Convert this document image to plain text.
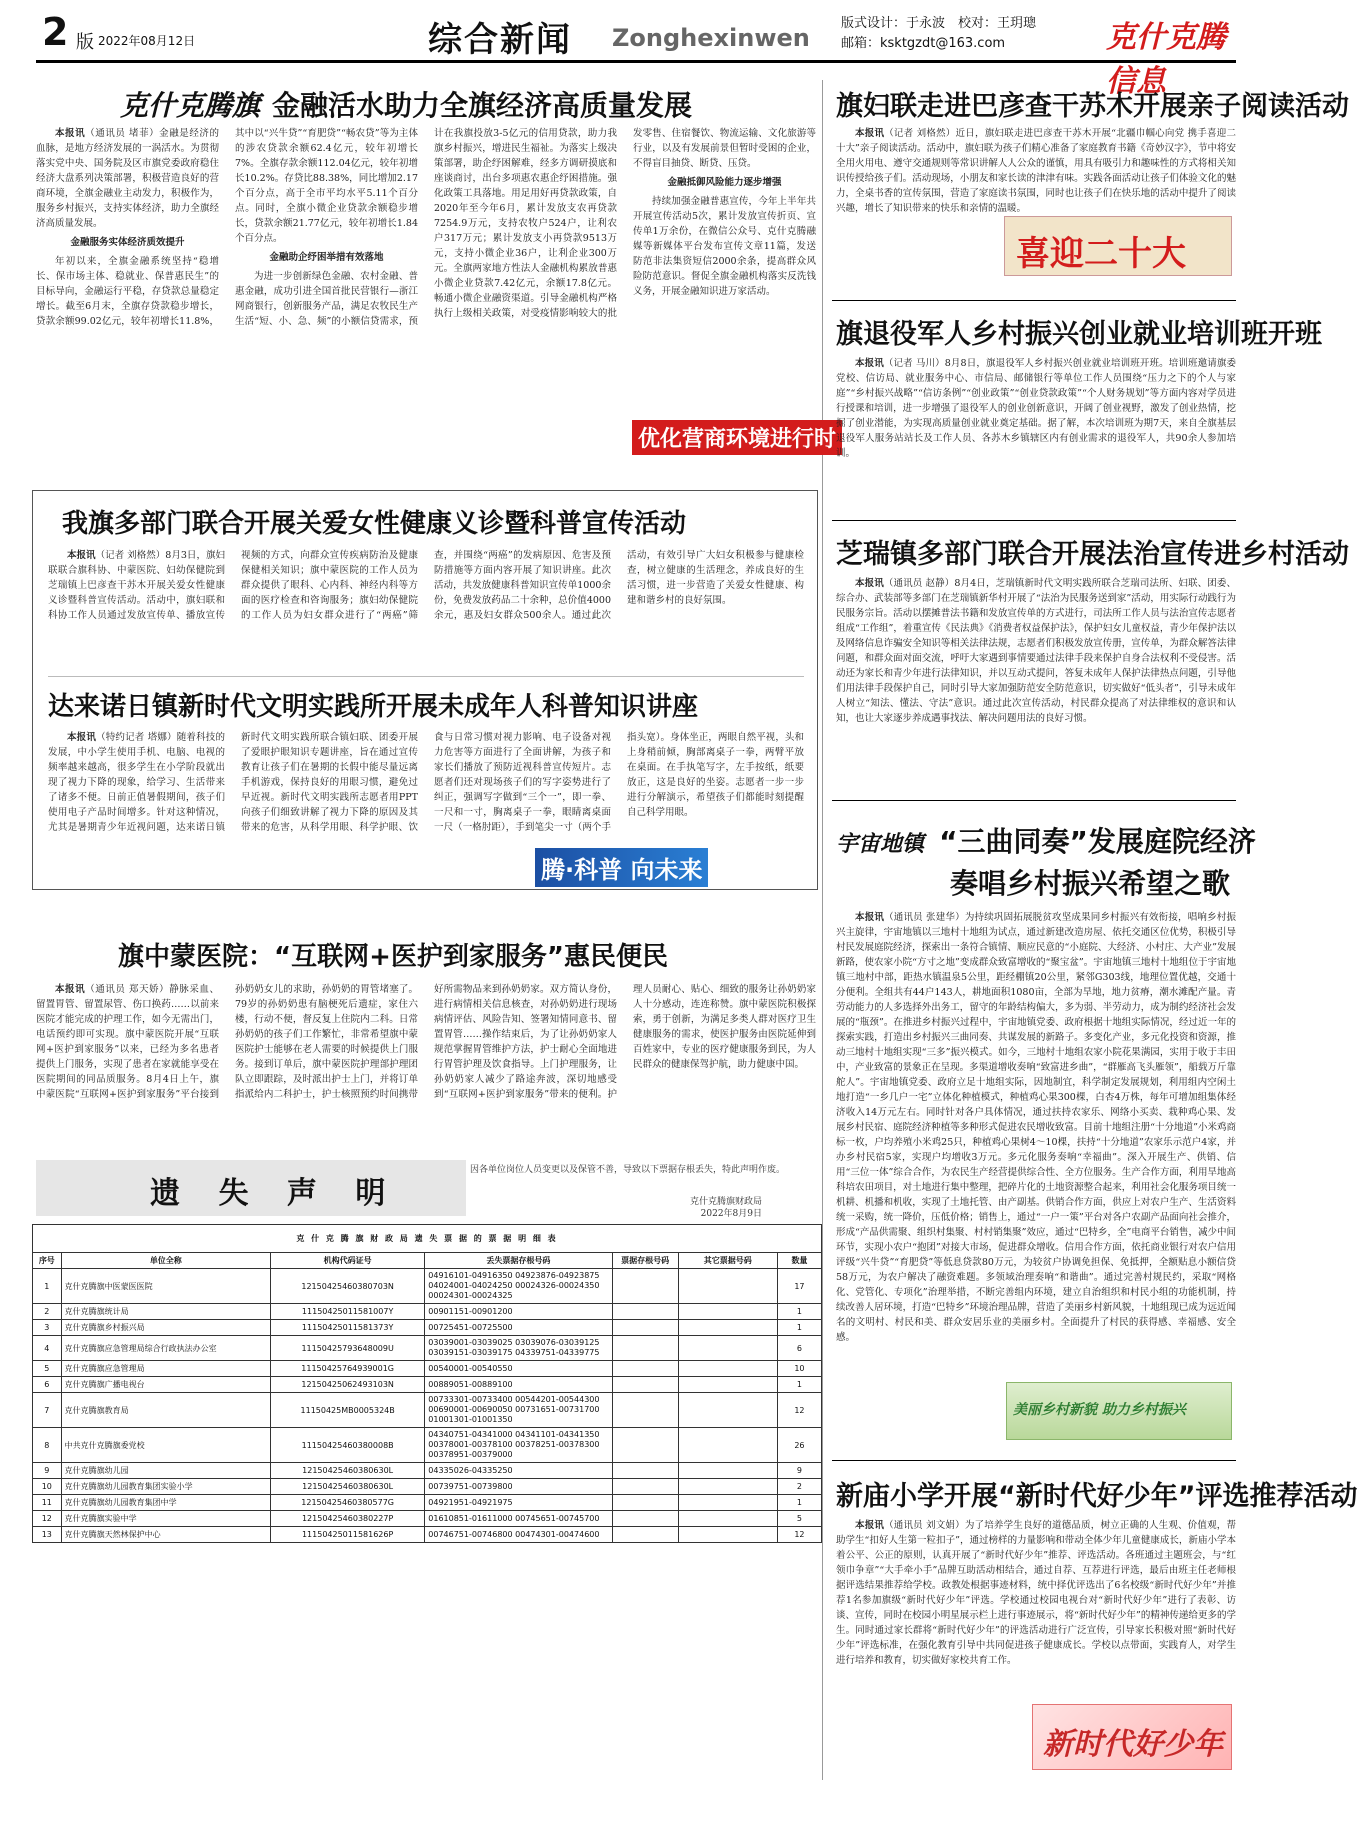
2 版 2022年08月12日	综合新闻 Zonghexinwen
版式设计：于永波　校对：王玥璁
邮箱：ksktgzdt@163.com	克什克腾信息
克什克腾旗 金融活水助力全旗经济高质量发展

本报讯（通讯员 堵菲）金融是经济的血脉，是地方经济发展的一涡活水。为贯彻落实党中央、国务院及区市旗党委政府稳住经济大盘系列决策部署，积极营造良好的营商环境，全旗金融业主动发力，积极作为，服务乡村振兴，支持实体经济，助力全旗经济高质量发展。

金融服务实体经济质效提升

年初以来，全旗金融系统坚持“稳增长、保市场主体、稳就业、保普惠民生”的目标导向，金融运行平稳，存贷款总量稳定增长。截至6月末，全旗存贷款稳步增长，贷款余额99.02亿元，较年初增长11.8%，其中以“兴牛贷”“育肥贷”“畅农贷”等为主体的涉农贷款余额62.4亿元，较年初增长7%。全旗存款余额112.04亿元，较年初增长10.2%。存贷比88.38%，同比增加2.17个百分点，高于全市平均水平5.11个百分点。同时，全旗小微企业贷款余额稳步增长，贷款余额21.77亿元，较年初增长1.84个百分点。

金融助企纾困举措有效落地

为进一步创新绿色金融、农村金融、普惠金融，成功引进全国首批民营银行—浙江网商银行，创新服务产品，满足农牧民生产生活“短、小、急、频”的小额信贷需求，预计在我旗投放3-5亿元的信用贷款，助力我旗乡村振兴，增进民生福祉。为落实上级决策部署，助企纾困解难，经多方调研摸底和座谈商讨，出台多项惠农惠企纾困措施。强化政策工具落地。用足用好再贷款政策，自2020年至今年6月，累计发放支农再贷款7254.9万元，支持农牧户524户，让利农户317万元；累计发放支小再贷款9513万元，支持小微企业36户，让利企业300万元。全旗两家地方性法人金融机构累放普惠小微企业贷款7.42亿元，余额17.8亿元。畅通小微企业融资渠道。引导金融机构严格执行上级相关政策，对受疫情影响较大的批发零售、住宿餐饮、物流运输、文化旅游等行业，以及有发展前景但暂时受困的企业，不得盲目抽贷、断贷、压贷。

金融抵御风险能力逐步增强

持续加强金融普惠宣传，今年上半年共开展宣传活动5次，累计发放宣传折页、宣传单1万余份，在微信公众号、克什克腾融媒等新媒体平台发布宣传文章11篇，发送防范非法集资短信2000余条，提高群众风险防范意识。督促全旗金融机构落实反洗钱义务，开展金融知识进万家活动。

优化营商环境进行时
我旗多部门联合开展关爱女性健康义诊暨科普宣传活动

本报讯（记者 刘格然）8月3日，旗妇联联合旗科协、中蒙医院、妇幼保健院到芝瑞镇上巴彦查干苏木开展关爱女性健康义诊暨科普宣传活动。活动中，旗妇联和科协工作人员通过发放宣传单、播放宣传视频的方式，向群众宣传疾病防治及健康保健相关知识；旗中蒙医院的工作人员为群众提供了眼科、心内科、神经内科等方面的医疗检查和咨询服务；旗妇幼保健院的工作人员为妇女群众进行了“两癌”筛查，并围绕“两癌”的发病原因、危害及预防措施等方面内容开展了知识讲座。此次活动，共发放健康科普知识宣传单1000余份，免费发放药品二十余种，总价值4000余元，惠及妇女群众500余人。通过此次活动，有效引导广大妇女积极参与健康检查，树立健康的生活理念，养成良好的生活习惯，进一步营造了关爱女性健康、构建和谐乡村的良好氛围。

达来诺日镇新时代文明实践所开展未成年人科普知识讲座

本报讯（特约记者 塔娜）随着科技的发展，中小学生使用手机、电脑、电视的频率越来越高，很多学生在小学阶段就出现了视力下降的现象，给学习、生活带来了诸多不便。日前正值暑假期间，孩子们使用电子产品时间增多。针对这种情况，尤其是暑期青少年近视问题，达来诺日镇新时代文明实践所联合镇妇联、团委开展了爱眼护眼知识专题讲座，旨在通过宣传教育让孩子们在暑期的长假中能尽量远离手机游戏，保持良好的用眼习惯，避免过早近视。新时代文明实践所志愿者用PPT向孩子们细致讲解了视力下降的原因及其带来的危害，从科学用眼、科学护眼、饮食与日常习惯对视力影响、电子设备对视力危害等方面进行了全面讲解，为孩子和家长们播放了预防近视科普宣传短片。志愿者们还对现场孩子们的写字姿势进行了纠正，强调写字做到“三个一”，即一拳、一尺和一寸，胸离桌子一拳，眼睛离桌面一尺（一格肘距），手到笔尖一寸（两个手指头宽）。身体坐正，两眼自然平视，头和上身稍前倾，胸部离桌子一拳，两臂平放在桌面。在手执笔写字，左手按纸，纸要放正，这是良好的坐姿。志愿者一步一步进行分解演示，希望孩子们都能时刻提醒自己科学用眼。

腾·科普 向未来
旗中蒙医院：“互联网+医护到家服务”惠民便民

本报讯（通讯员 郑天娇）静脉采血、留置胃管、留置尿管、伤口换药……以前来医院才能完成的护理工作，如今无需出门，电话预约即可实现。旗中蒙医院开展“互联网+医护到家服务”以来，已经为多名患者提供上门服务，实现了患者在家就能享受在医院期间的同品质服务。8月4日上午，旗中蒙医院“互联网+医护到家服务”平台接到孙奶奶女儿的求助，孙奶奶的胃管堵塞了。79岁的孙奶奶患有脑梗死后遗症，家住六楼，行动不便，督反复上住院内二科。日常孙奶奶的孩子们工作繁忙，非常希望旗中蒙医院护士能够在老人需要的时候提供上门服务。接到订单后，旗中蒙医院护理部护理团队立即跟踪，及时派出护士上门，并将订单指派给内二科护士，护士核照预约时间携带好所需物品来到孙奶奶家。双方简认身份，进行病情相关信息核查，对孙奶奶进行现场病情评估、风险告知、签署知情同意书、留置胃管……操作结束后，为了让孙奶奶家人规范掌握胃管维护方法，护士耐心全面地进行胃管护理及饮食指导。上门护理服务，让孙奶奶家人减少了路途奔波，深切地感受到“互联网+医护到家服务”带来的便利。护理人员耐心、贴心、细致的服务让孙奶奶家人十分感动，连连称赞。旗中蒙医院积极探索，勇于创新，为满足多类人群对医疗卫生健康服务的需求，使医护服务由医院延伸到百姓家中，专业的医疗健康服务到民，为人民群众的健康保驾护航，助力健康中国。

遗 失 声 明
因各单位岗位人员变更以及保管不善，导致以下票据存根丢失，特此声明作废。
克什克腾旗财政局
2022年8月9日
克 什 克 腾 旗 财 政 局 遗 失 票 据 的 票 据 明 细 表						
序号	单位全称	机构代码证号	丢失票据存根号码	票据存根号码	其它票据号码	数量
1	克什克腾旗中医蒙医医院	12150425460380703N	04916101-04916350 04923876-04923875 04024001-04024250 00024326-00024350 00024301-00024325			17
2	克什克腾旗统计局	11150425011581007Y	00901151-00901200			1
3	克什克腾旗乡村振兴局	11150425011581373Y	00725451-00725500			1
4	克什克腾旗应急管理局综合行政执法办公室	11150425793648009U	03039001-03039025 03039076-03039125 03039151-03039175 04339751-04339775			6
5	克什克腾旗应急管理局	11150425764939001G	00540001-00540550			10
6	克什克腾旗广播电视台	12150425062493103N	00889051-00889100			1
7	克什克腾旗教育局	11150425MB0005324B	00733301-00733400 00544201-00544300 00690001-00690050 00731651-00731700 01001301-01001350			12
8	中共克什克腾旗委党校	11150425460380008B	04340751-04341000 04341101-04341350 00378001-00378100 00378251-00378300 00378951-00379000			26
9	克什克腾旗幼儿园	12150425460380630L	04335026-04335250			9
10	克什克腾旗幼儿园教育集团实验小学	12150425460380630L	00739751-00739800			2
11	克什克腾旗幼儿园教育集团中学	12150425460380577G	04921951-04921975			1
12	克什克腾旗实验中学	12150425460380227P	01610851-01611000 00745651-00745700			5
13	克什克腾旗天然林保护中心	11150425011581626P	00746751-00746800 00474301-00474600			12
旗妇联走进巴彦查干苏木开展亲子阅读活动

本报讯（记者 刘格然）近日，旗妇联走进巴彦查干苏木开展“北疆巾帼心向党 携手喜迎二十大”亲子阅读活动。活动中，旗妇联为孩子们精心准备了家庭教育书籍《奇妙汉字》，节中将安全用火用电、遵守交通规则等常识讲解人人公众的谨慎，用具有吸引力和趣味性的方式将相关知识传授给孩子们。活动现场，小朋友和家长读的津津有味。实践各面活动让孩子们体验文化的魅力，全桌书香的宣传氛围，营造了家庭读书氛围，同时也让孩子们在快乐地的活动中提升了阅读兴趣，增长了知识带来的快乐和亲情的温暖。

喜迎二十大
旗退役军人乡村振兴创业就业培训班开班

本报讯（记者 马川）8月8日，旗退役军人乡村振兴创业就业培训班开班。培训班邀请旗委党校、信访局、就业服务中心、市信局、邮储银行等单位工作人员围绕“压力之下的个人与家庭”“乡村振兴战略”“信访条例”“创业政策”“创业贷款政策”“个人财务规划”等方面内容对学员进行授课和培训，进一步增强了退役军人的创业创新意识，开阔了创业视野，激发了创业热情，挖掘了创业潜能，为实现高质量创业就业奠定基础。据了解，本次培训班为期7天，来自全旗基层退役军人服务站站长及工作人员、各苏木乡镇辖区内有创业需求的退役军人，共90余人参加培训。

芝瑞镇多部门联合开展法治宣传进乡村活动

本报讯（通讯员 赵静）8月4日，芝瑞镇新时代文明实践所联合芝瑞司法所、妇联、团委、综合办、武装部等多部门在芝瑞镇新华村开展了“法治为民服务送到家”活动，用实际行动践行为民服务宗旨。活动以摆摊普法书籍和发放宣传单的方式进行，司法所工作人员与法治宣传志愿者组成“工作组”，着重宣传《民法典》《消费者权益保护法》，保护妇女儿童权益，青少年保护法以及网络信息诈骗安全知识等相关法律法规，志愿者们积极发放宣传册，宣传单，为群众解答法律问题，和群众面对面交流，呼吁大家遇到事情要通过法律手段来保护自身合法权利不受侵害。活动还为家长和青少年进行法律知识，并以互动式提问，答复未成年人保护法律热点问题，引导他们用法律手段保护自己，同时引导大家加强防范安全防范意识，切实做好“低头者”，引导未成年人树立“知法、懂法、守法”意识。通过此次宣传活动，村民群众提高了对法律维权的意识和认知，也让大家逐步养成遇事找法、解决问题用法的良好习惯。

宇宙地镇 “三曲同奏”发展庭院经济
奏唱乡村振兴希望之歌

本报讯（通讯员 张建华）为持续巩固拓展脱贫攻坚成果同乡村振兴有效衔接，唱响乡村振兴主旋律，宇宙地镇以三地村十地组为试点，通过新建改造房屋、依托交通区位优势，积极引导村民发展庭院经济，探索出一条符合镇情、顺应民意的“小庭院、大经济、小村庄、大产业”发展新路，使农家小院“方寸之地”变成群众致富增收的“聚宝盆”。宇宙地镇三地村十地组位于宇宙地镇三地村中部，距热水镇温泉5公里，距经棚镇20公里，紧邻G303线，地理位置优越，交通十分便利。全组共有44户143人，耕地面积1080亩，全部为旱地，地力贫瘠，潮水滩配产量。青劳动能力的人多选择外出务工，留守的年龄结构偏大，多为弱、半劳动力，成为制约经济社会发展的“瓶颈”。在推进乡村振兴过程中，宇宙地镇党委、政府根据十地组实际情况，经过近一年的探索实践，打造出乡村振兴三曲同奏、共谋发展的新路子。多变化产业，多元化投资和资源，推动三地村十地组实现“三多”振兴模式。如今，三地村十地组农家小院花果满园，实用于收于丰田中，产业致富的景象正在呈现。多渠道增收奏响“致富进乡曲”，“群雁高飞头雁领”，船载万斤靠舵人”。宇宙地镇党委、政府立足十地组实际，因地制宜，科学制定发展规划，利用组内空闲土地打造“一乡几户一宅”立体化种植模式，种植鸡心果300棵，白杏4万株，每年可增加组集体经济收入14万元左右。同时针对各户具体情况，通过扶持农家乐、网络小买卖、栽种鸡心果、发展乡村民宿、庭院经济种植等多种形式促进农民增收致富。目前十地组注册“十分地道”小米鸡商标一枚，户均养殖小米鸡25只，种植鸡心果树4～10棵，扶持“十分地道”农家乐示范户4家，并办乡村民宿5家，实现户均增收3万元。多元化服务奏响“幸福曲”。深入开展生产、供销、信用“三位一体”综合合作，为农民生产经营提供综合性、全方位服务。生产合作方面，利用旱地高科培农田项目，对土地进行集中整理，把碎片化的土地资源整合起来，利用社会化服务项目统一机耕、机播和机收，实现了土地托管、由产副基。供销合作方面，供应上对农户生产、生活资料统一采购，统一降价，压低价格；销售上，通过“一户一策”平台对各户农副产品面向社会推介，形成“产品供需聚、组织村集聚、村村销集聚”效应，通过“巴特乡，全”电商平台销售，减少中间环节，实现小农户“抱团”对接大市场，促进群众增收。信用合作方面，依托商业银行对农户信用评级“兴牛贷”“育肥贷”等低息贷款80万元，为较贫户协调免担保、免抵押，全额贴息小额信贷58万元，为农户解决了融资难题。多领域治理奏响“和谐曲”。通过完善村规民约，采取“网格化、党管化、专项化”治理举措，不断完善组内环境，建立自治组织和村民小组的功能机制，持续改善人居环境，打造“巴特乡”环境治理品牌，营造了美丽乡村新风貌，十地组现已成为远近闻名的文明村、村民和美、群众安居乐业的美丽乡村。全面提升了村民的获得感、幸福感、安全感。

美丽乡村新貌 助力乡村振兴
新庙小学开展“新时代好少年”评选推荐活动

本报讯（通讯员 刘文娟）为了培养学生良好的道德品质，树立正确的人生观、价值观，帮助学生“扣好人生第一粒扣子”，通过榜样的力量影响和带动全体少年儿童健康成长，新庙小学本着公平、公正的原则，认真开展了“新时代好少年”推荐、评选活动。各班通过主题班会，与“红领巾争章”“大手牵小手”品牌互助活动相结合，通过自荐、互荐进行评选，最后由班主任老师根据评选结果推荐给学校。政教处根据事迹材料，统中择优评选出了6名校级“新时代好少年”并推荐1名参加旗级“新时代好少年”评选。学校通过校园电视台对“新时代好少年”进行了表彰、访谈、宣传，同时在校园小明星展示栏上进行事迹展示，将“新时代好少年”的精神传递给更多的学生。同时通过家长群将“新时代好少年”的评选活动进行广泛宣传，引导家长积极对照“新时代好少年”评选标准，在强化教育引导中共同促进孩子健康成长。学校以点带面，实践育人，对学生进行培养和教育，切实做好家校共育工作。

新时代好少年
